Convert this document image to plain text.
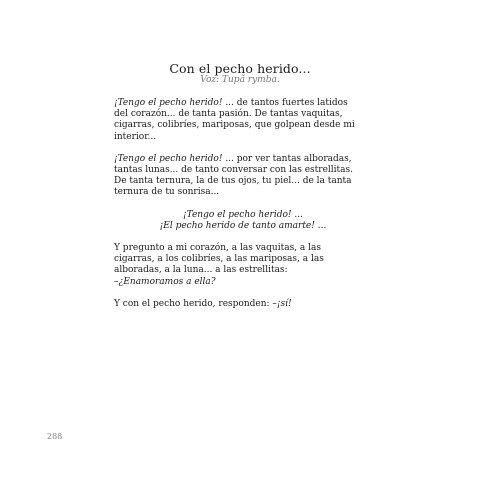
Con el pecho herido...
Voz: Tupã rymba.
¡Tengo el pecho herido! ... de tantos fuertes latidos
del corazón... de tanta pasión. De tantas vaquitas,
cigarras, colibríes, mariposas, que golpean desde mi
interior...
¡Tengo el pecho herido! ... por ver tantas alboradas,
tantas lunas... de tanto conversar con las estrellitas.
De tanta ternura, la de tus ojos, tu piel... de la tanta
ternura de tu sonrisa...
¡Tengo el pecho herido! ...
¡El pecho herido de tanto amarte! ...
Y pregunto a mi corazón, a las vaquitas, a las
cigarras, a los colibríes, a las mariposas, a las
alboradas, a la luna... a las estrellitas:
–¿Enamoramos a ella?
Y con el pecho herido, responden: –¡sí!
288
